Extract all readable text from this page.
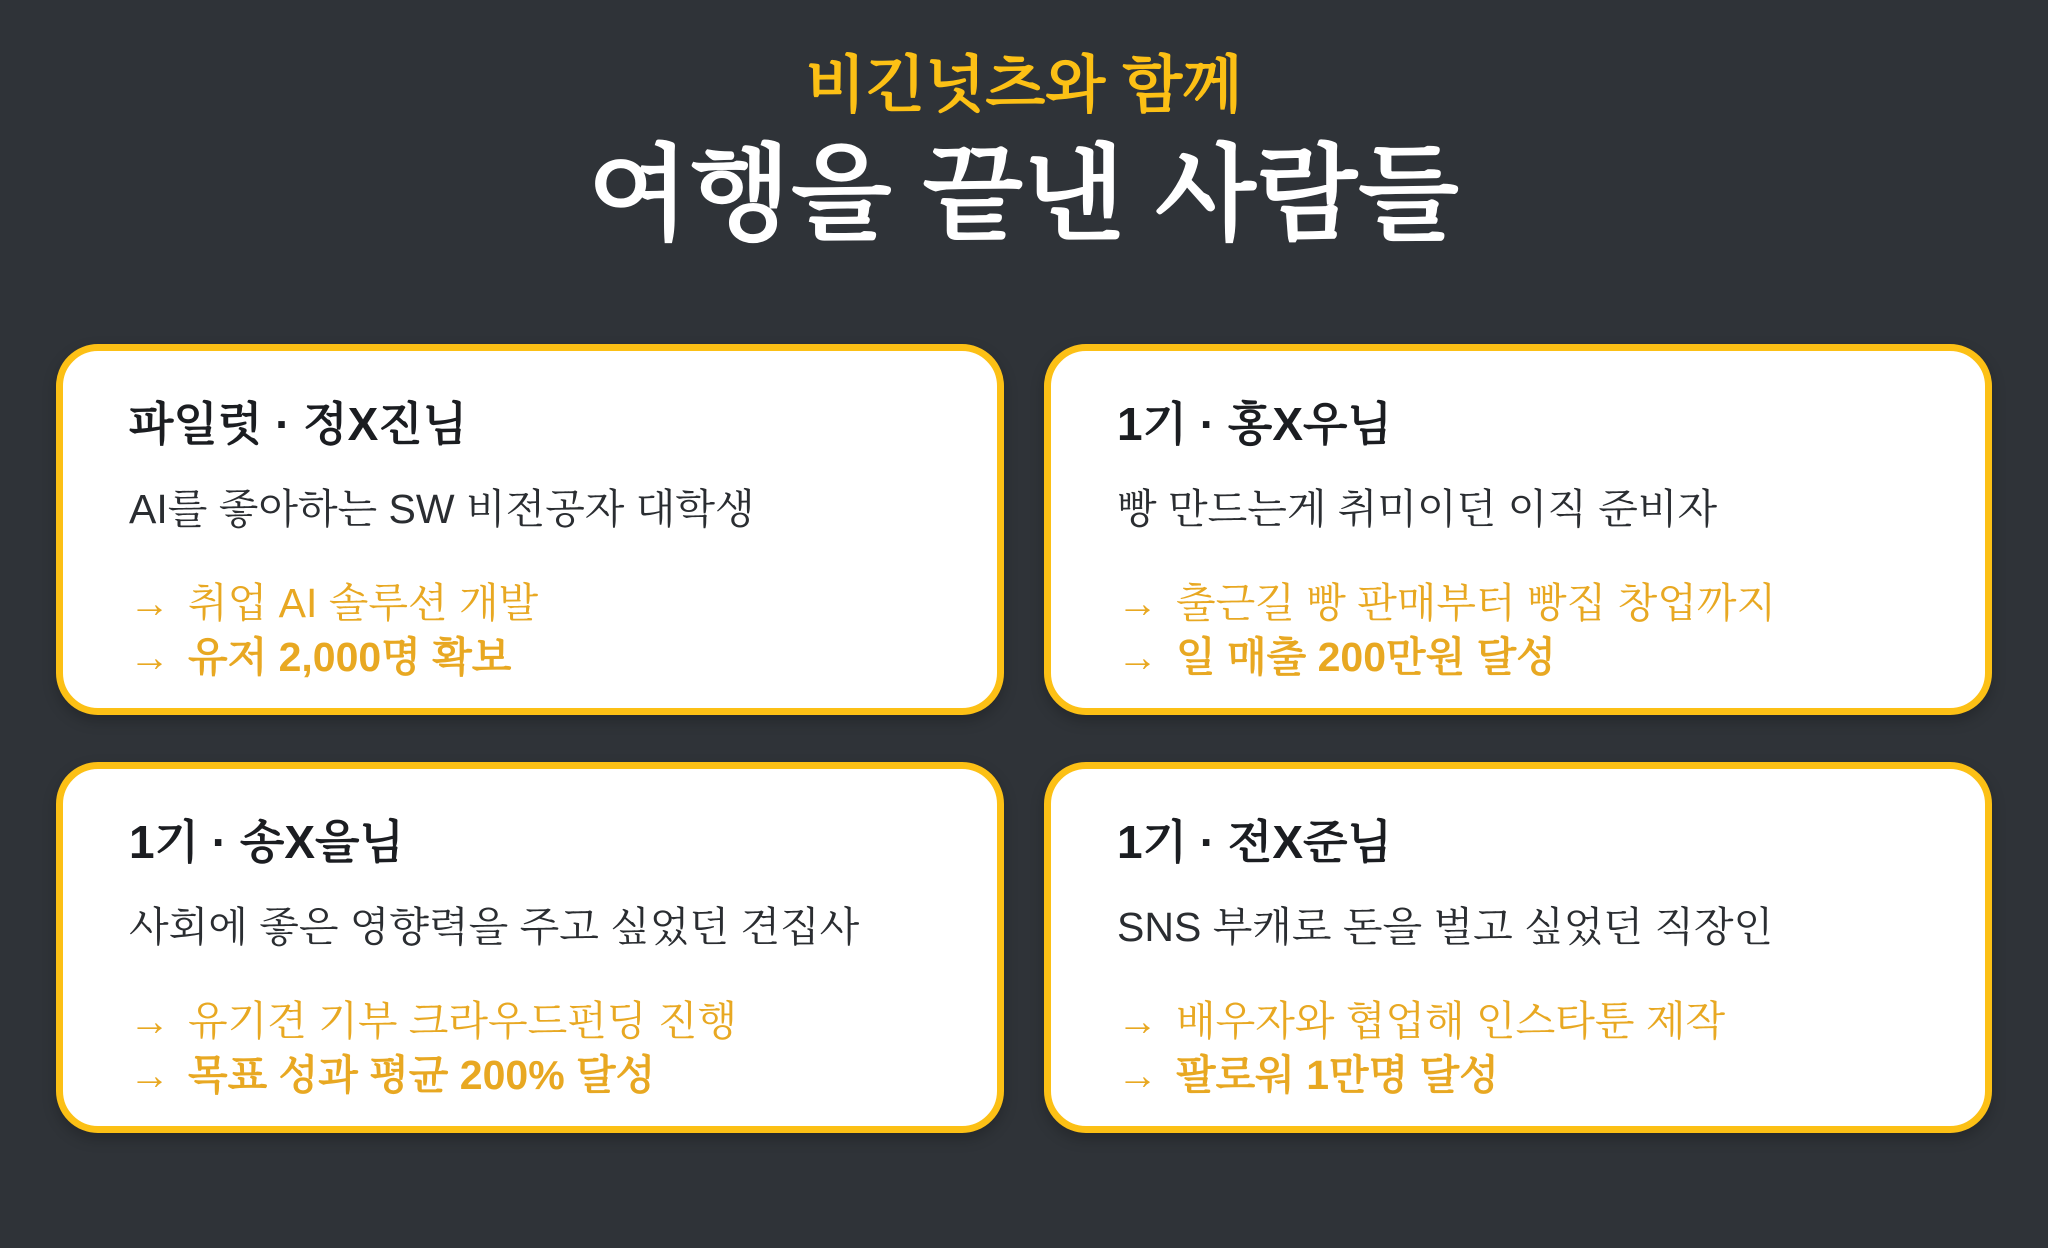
비긴넛츠와 함께
여행을 끝낸 사람들
파일럿 · 정X진님
AI를 좋아하는 SW 비전공자 대학생
→ 취업 AI 솔루션 개발
→ 유저 2,000명 확보
1기 · 홍X우님
빵 만드는게 취미이던 이직 준비자
→ 출근길 빵 판매부터 빵집 창업까지
→ 일 매출 200만원 달성
1기 · 송X을님
사회에 좋은 영향력을 주고 싶었던 견집사
→ 유기견 기부 크라우드펀딩 진행
→ 목표 성과 평균 200% 달성
1기 · 전X준님
SNS 부캐로 돈을 벌고 싶었던 직장인
→ 배우자와 협업해 인스타툰 제작
→ 팔로워 1만명 달성
